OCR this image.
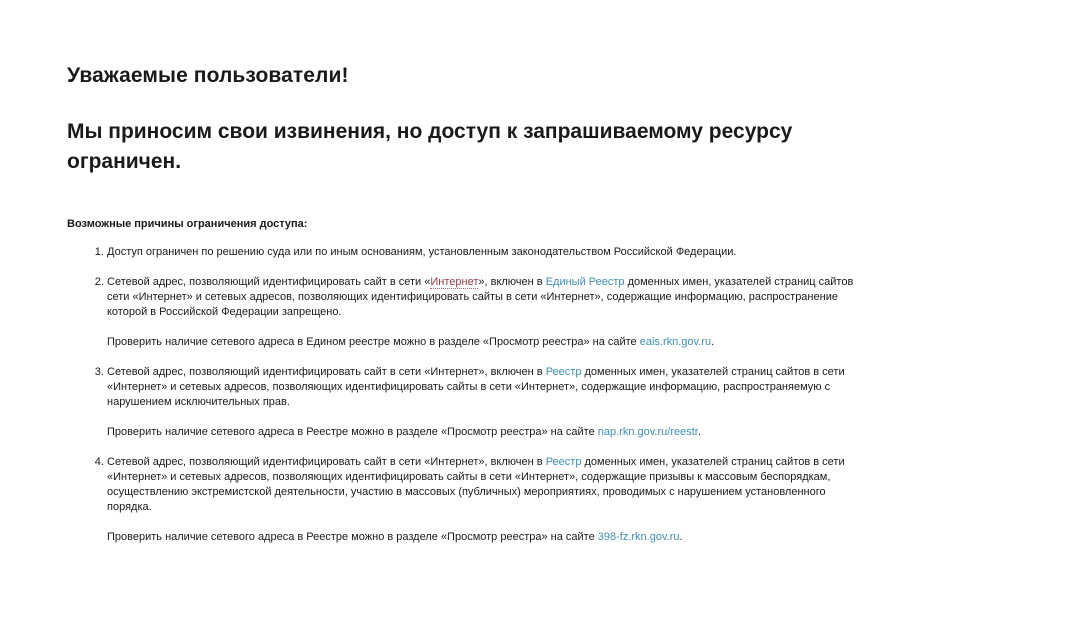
Уважаемые пользователи!
Мы приносим свои извинения, но доступ к запрашиваемому ресурсу ограничен.
Возможные причины ограничения доступа:

1. Доступ ограничен по решению суда или по иным основаниям, установленным законодательством Российской Федерации.

2. Сетевой адрес, позволяющий идентифицировать сайт в сети «Интернет», включен в Единый Реестр доменных имен, указателей страниц сайтов сети «Интернет» и сетевых адресов, позволяющих идентифицировать сайты в сети «Интернет», содержащие информацию, распространение которой в Российской Федерации запрещено.

Проверить наличие сетевого адреса в Едином реестре можно в разделе «Просмотр реестра» на сайте eais.rkn.gov.ru.

3. Сетевой адрес, позволяющий идентифицировать сайт в сети «Интернет», включен в Реестр доменных имен, указателей страниц сайтов в сети «Интернет» и сетевых адресов, позволяющих идентифицировать сайты в сети «Интернет», содержащие информацию, распространяемую с нарушением исключительных прав.

Проверить наличие сетевого адреса в Реестре можно в разделе «Просмотр реестра» на сайте nap.rkn.gov.ru/reestr.

4. Сетевой адрес, позволяющий идентифицировать сайт в сети «Интернет», включен в Реестр доменных имен, указателей страниц сайтов в сети «Интернет» и сетевых адресов, позволяющих идентифицировать сайты в сети «Интернет», содержащие призывы к массовым беспорядкам, осуществлению экстремистской деятельности, участию в массовых (публичных) мероприятиях, проводимых с нарушением установленного порядка.

Проверить наличие сетевого адреса в Реестре можно в разделе «Просмотр реестра» на сайте 398-fz.rkn.gov.ru.
